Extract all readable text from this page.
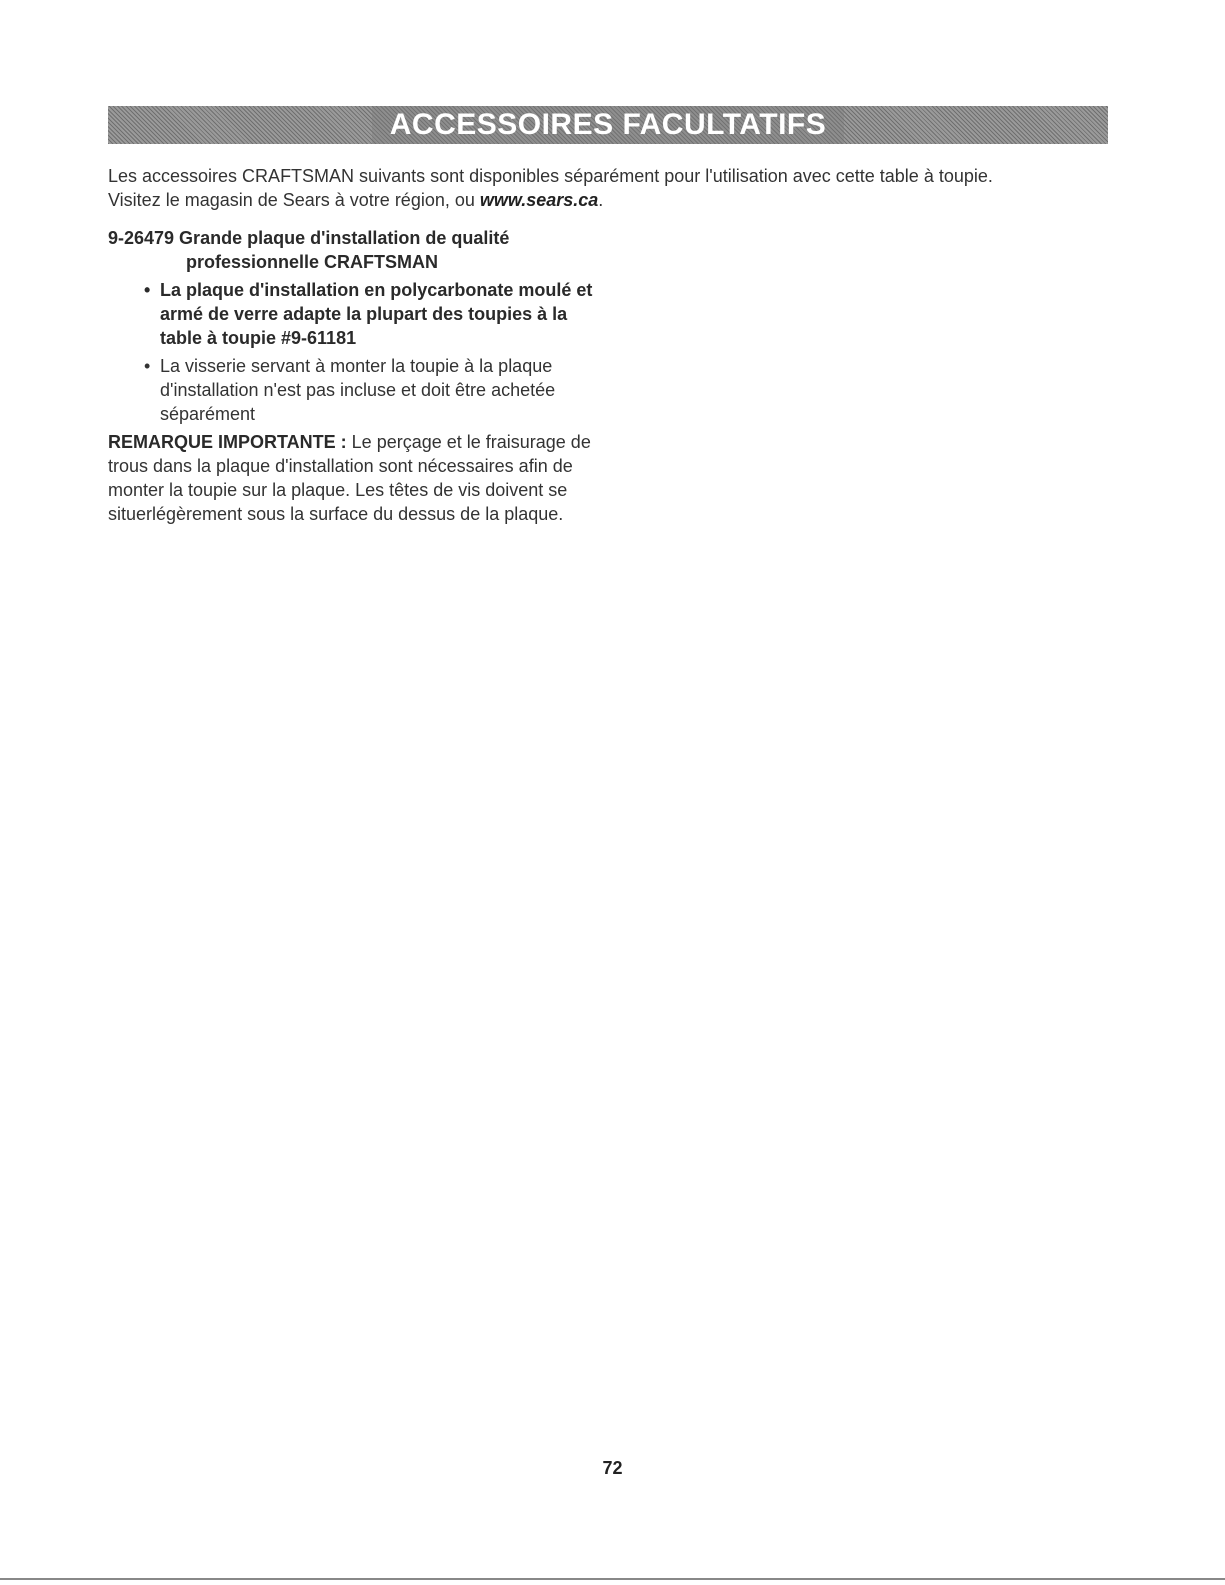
ACCESSOIRES FACULTATIFS

Les accessoires CRAFTSMAN suivants sont disponibles séparément pour l'utilisation avec cette table à toupie.

Visitez le magasin de Sears à votre région, ou www.sears.ca.

9-26479 Grande plaque d'installation de qualité
professionnelle CRAFTSMAN

• La plaque d'installation en polycarbonate moulé et armé de verre adapte la plupart des toupies à la table à toupie #9-61181
• La visserie servant à monter la toupie à la plaque d'installation n'est pas incluse et doit être achetée séparément

REMARQUE IMPORTANTE : Le perçage et le fraisurage de trous dans la plaque d'installation sont nécessaires afin de monter la toupie sur la plaque. Les têtes de vis doivent se situerlégèrement sous la surface du dessus de la plaque.

72
